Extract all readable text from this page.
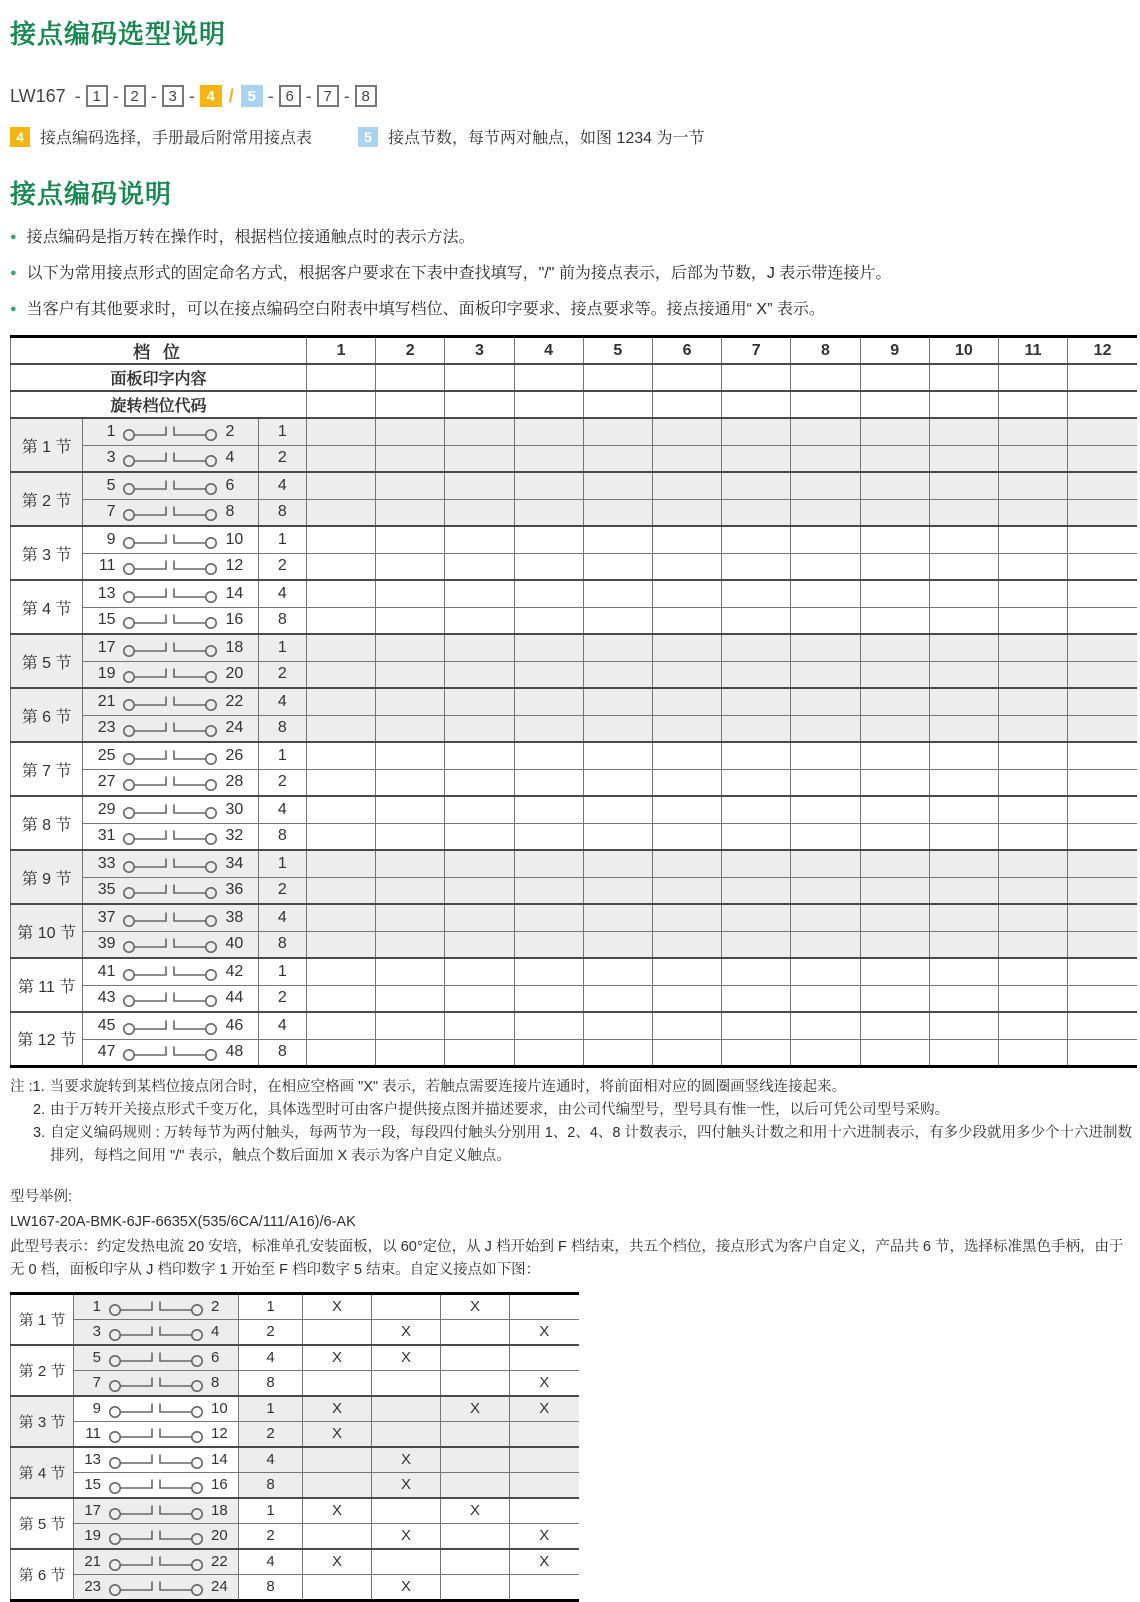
接点编码选型说明
LW167 - 1 - 2 - 3 - 4 / 5 - 6 - 7 - 8
4	接点编码选择，手册最后附常用接点表	5	接点节数，每节两对触点，如图 1234 为一节
接点编码说明
● 接点编码是指万转在操作时，根据档位接通触点时的表示方法。
● 以下为常用接点形式的固定命名方式，根据客户要求在下表中查找填写，"/" 前为接点表示，后部为节数，J 表示带连接片。
● 当客户有其他要求时，可以在接点编码空白附表中填写档位、面板印字要求、接点要求等。接点接通用“ X” 表示。
档 位			1	2	3	4	5	6	7	8	9	10	11	12
面板印字内容														
旋转档位代码														
第 1 节	1 2	1												

	3 4	2												
第 2 节	5 6	4												

	7 8	8												
第 3 节	9 10	1												

	11 12	2												
第 4 节	13 14	4												

	15 16	8												
第 5 节	17 18	1												

	19 20	2												
第 6 节	21 22	4												

	23 24	8												
第 7 节	25 26	1												

	27 28	2												
第 8 节	29 30	4												

	31 32	8												
第 9 节	33 34	1												

	35 36	2												
第 10 节	37 38	4												

	39 40	8												
第 11 节	41 42	1												

	43 44	2												
第 12 节	45 46	4												

	47 48	8												
注 :1. 当要求旋转到某档位接点闭合时，在相应空格画 "X" 表示，若触点需要连接片连通时，将前面相对应的圆圈画竖线连接起来。
2. 由于万转开关接点形式千变万化，具体选型时可由客户提供接点图并描述要求，由公司代编型号，型号具有惟一性，以后可凭公司型号采购。
3. 自定义编码规则 : 万转每节为两付触头，每两节为一段，每段四付触头分别用 1、2、4、8 计数表示，四付触头计数之和用十六进制表示，有多少段就用多少个十六进制数排列，每档之间用 "/" 表示，触点个数后面加 X 表示为客户自定义触点。
型号举例:
LW167-20A-BMK-6JF-6635X(535/6CA/111/A16)/6-AK
此型号表示：约定发热电流 20 安培，标准单孔安装面板，以 60°定位，从 J 档开始到 F 档结束，共五个档位，接点形式为客户自定义，产品共 6 节，选择标准黑色手柄，由于无 0 档，面板印字从 J 档印数字 1 开始至 F 档印数字 5 结束。自定义接点如下图：
第 1 节	1 2	1	X		X	

	3 4	2		X		X
第 2 节	5 6	4	X	X		

	7 8	8				X
第 3 节	9 10	1	X		X	X

	11 12	2	X			
第 4 节	13 14	4		X		

	15 16	8		X		
第 5 节	17 18	1	X		X	

	19 20	2		X		X
第 6 节	21 22	4	X			X

	23 24	8		X		
